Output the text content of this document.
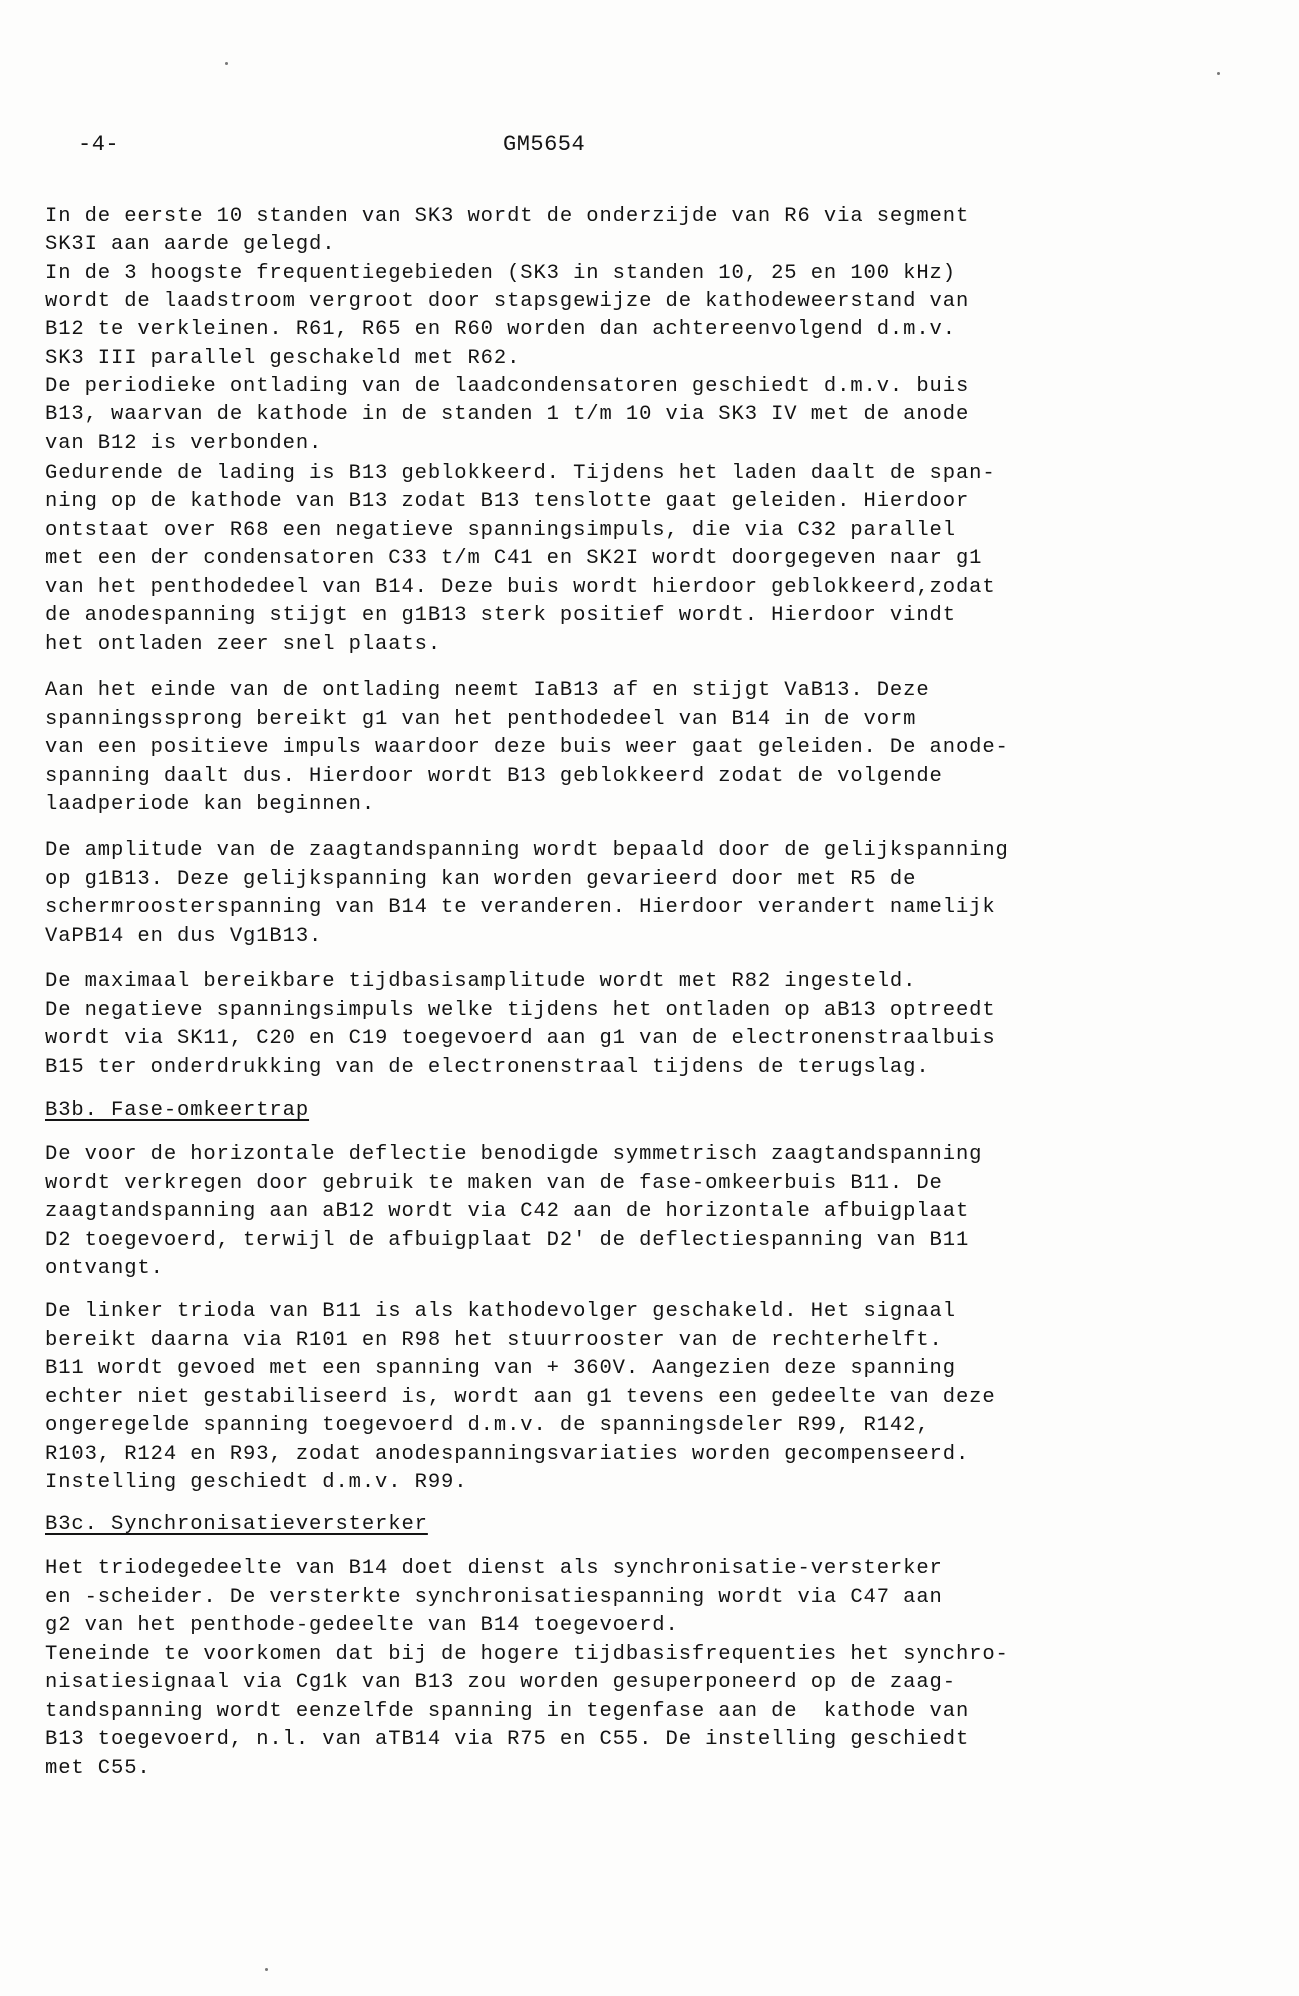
-4-	GM5654
In de eerste 10 standen van SK3 wordt de onderzijde van R6 via segment
SK3I aan aarde gelegd.
In de 3 hoogste frequentiegebieden (SK3 in standen 10, 25 en 100 kHz)
wordt de laadstroom vergroot door stapsgewijze de kathodeweerstand van
B12 te verkleinen. R61, R65 en R60 worden dan achtereenvolgend d.m.v.
SK3 III parallel geschakeld met R62.
De periodieke ontlading van de laadcondensatoren geschiedt d.m.v. buis
B13, waarvan de kathode in de standen 1 t/m 10 via SK3 IV met de anode
van B12 is verbonden.
Gedurende de lading is B13 geblokkeerd. Tijdens het laden daalt de span-
ning op de kathode van B13 zodat B13 tenslotte gaat geleiden. Hierdoor
ontstaat over R68 een negatieve spanningsimpuls, die via C32 parallel
met een der condensatoren C33 t/m C41 en SK2I wordt doorgegeven naar g1
van het penthodedeel van B14. Deze buis wordt hierdoor geblokkeerd,zodat
de anodespanning stijgt en g1B13 sterk positief wordt. Hierdoor vindt
het ontladen zeer snel plaats.
Aan het einde van de ontlading neemt IaB13 af en stijgt VaB13. Deze
spanningssprong bereikt g1 van het penthodedeel van B14 in de vorm
van een positieve impuls waardoor deze buis weer gaat geleiden. De anode-
spanning daalt dus. Hierdoor wordt B13 geblokkeerd zodat de volgende
laadperiode kan beginnen.
De amplitude van de zaagtandspanning wordt bepaald door de gelijkspanning
op g1B13. Deze gelijkspanning kan worden gevarieerd door met R5 de
schermroosterspanning van B14 te veranderen. Hierdoor verandert namelijk
VaPB14 en dus Vg1B13.
De maximaal bereikbare tijdbasisamplitude wordt met R82 ingesteld.
De negatieve spanningsimpuls welke tijdens het ontladen op aB13 optreedt
wordt via SK11, C20 en C19 toegevoerd aan g1 van de electronenstraalbuis
B15 ter onderdrukking van de electronenstraal tijdens de terugslag.
B3b. Fase-omkeertrap
De voor de horizontale deflectie benodigde symmetrisch zaagtandspanning
wordt verkregen door gebruik te maken van de fase-omkeerbuis B11. De
zaagtandspanning aan aB12 wordt via C42 aan de horizontale afbuigplaat
D2 toegevoerd, terwijl de afbuigplaat D2' de deflectiespanning van B11
ontvangt.
De linker trioda van B11 is als kathodevolger geschakeld. Het signaal
bereikt daarna via R101 en R98 het stuurrooster van de rechterhelft.
B11 wordt gevoed met een spanning van + 360V. Aangezien deze spanning
echter niet gestabiliseerd is, wordt aan g1 tevens een gedeelte van deze
ongeregelde spanning toegevoerd d.m.v. de spanningsdeler R99, R142,
R103, R124 en R93, zodat anodespanningsvariaties worden gecompenseerd.
Instelling geschiedt d.m.v. R99.
B3c. Synchronisatieversterker
Het triodegedeelte van B14 doet dienst als synchronisatie-versterker
en -scheider. De versterkte synchronisatiespanning wordt via C47 aan
g2 van het penthode-gedeelte van B14 toegevoerd.
Teneinde te voorkomen dat bij de hogere tijdbasisfrequenties het synchro-
nisatiesignaal via Cg1k van B13 zou worden gesuperponeerd op de zaag-
tandspanning wordt eenzelfde spanning in tegenfase aan de  kathode van
B13 toegevoerd, n.l. van aTB14 via R75 en C55. De instelling geschiedt
met C55.
